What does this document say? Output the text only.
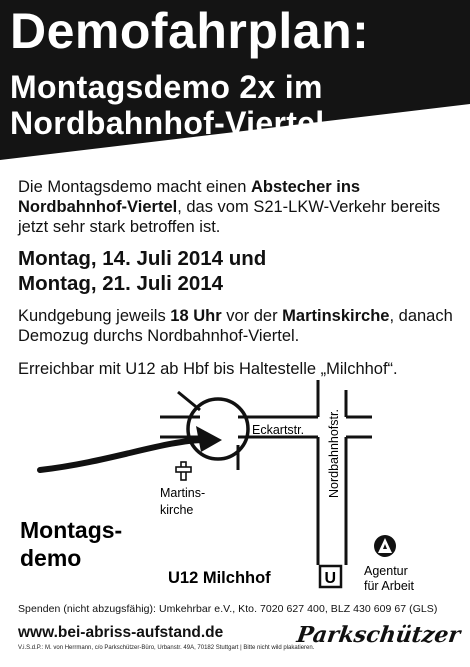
Demofahrplan:
Montagsdemo 2x im
Nordbahnhof-Viertel

Die Montagsdemo macht einen Abstecher ins Nordbahnhof-Viertel, das vom S21-LKW-Verkehr bereits jetzt sehr stark betroffen ist.

Montag, 14. Juli 2014 und
Montag, 21. Juli 2014

Kundgebung jeweils 18 Uhr vor der Martinskirche, danach Demozug durchs Nordbahnhof-Viertel.

Erreichbar mit U12 ab Hbf bis Haltestelle „Milchhof“.

Martins-
kirche
Eckartstr. Nordbahnhofstr.
Montags-
demo
U12 Milchhof	U Agentur
für Arbeit
Spenden (nicht abzugsfähig): Umkehrbar e.V., Kto. 7020 627 400, BLZ 430 609 67 (GLS)
www.bei-abriss-aufstand.de
V.i.S.d.P.: M. von Herrmann, c/o Parkschützer-Büro, Urbanstr. 49A, 70182 Stuttgart | Bitte nicht wild plakatieren.
Parkschützer
